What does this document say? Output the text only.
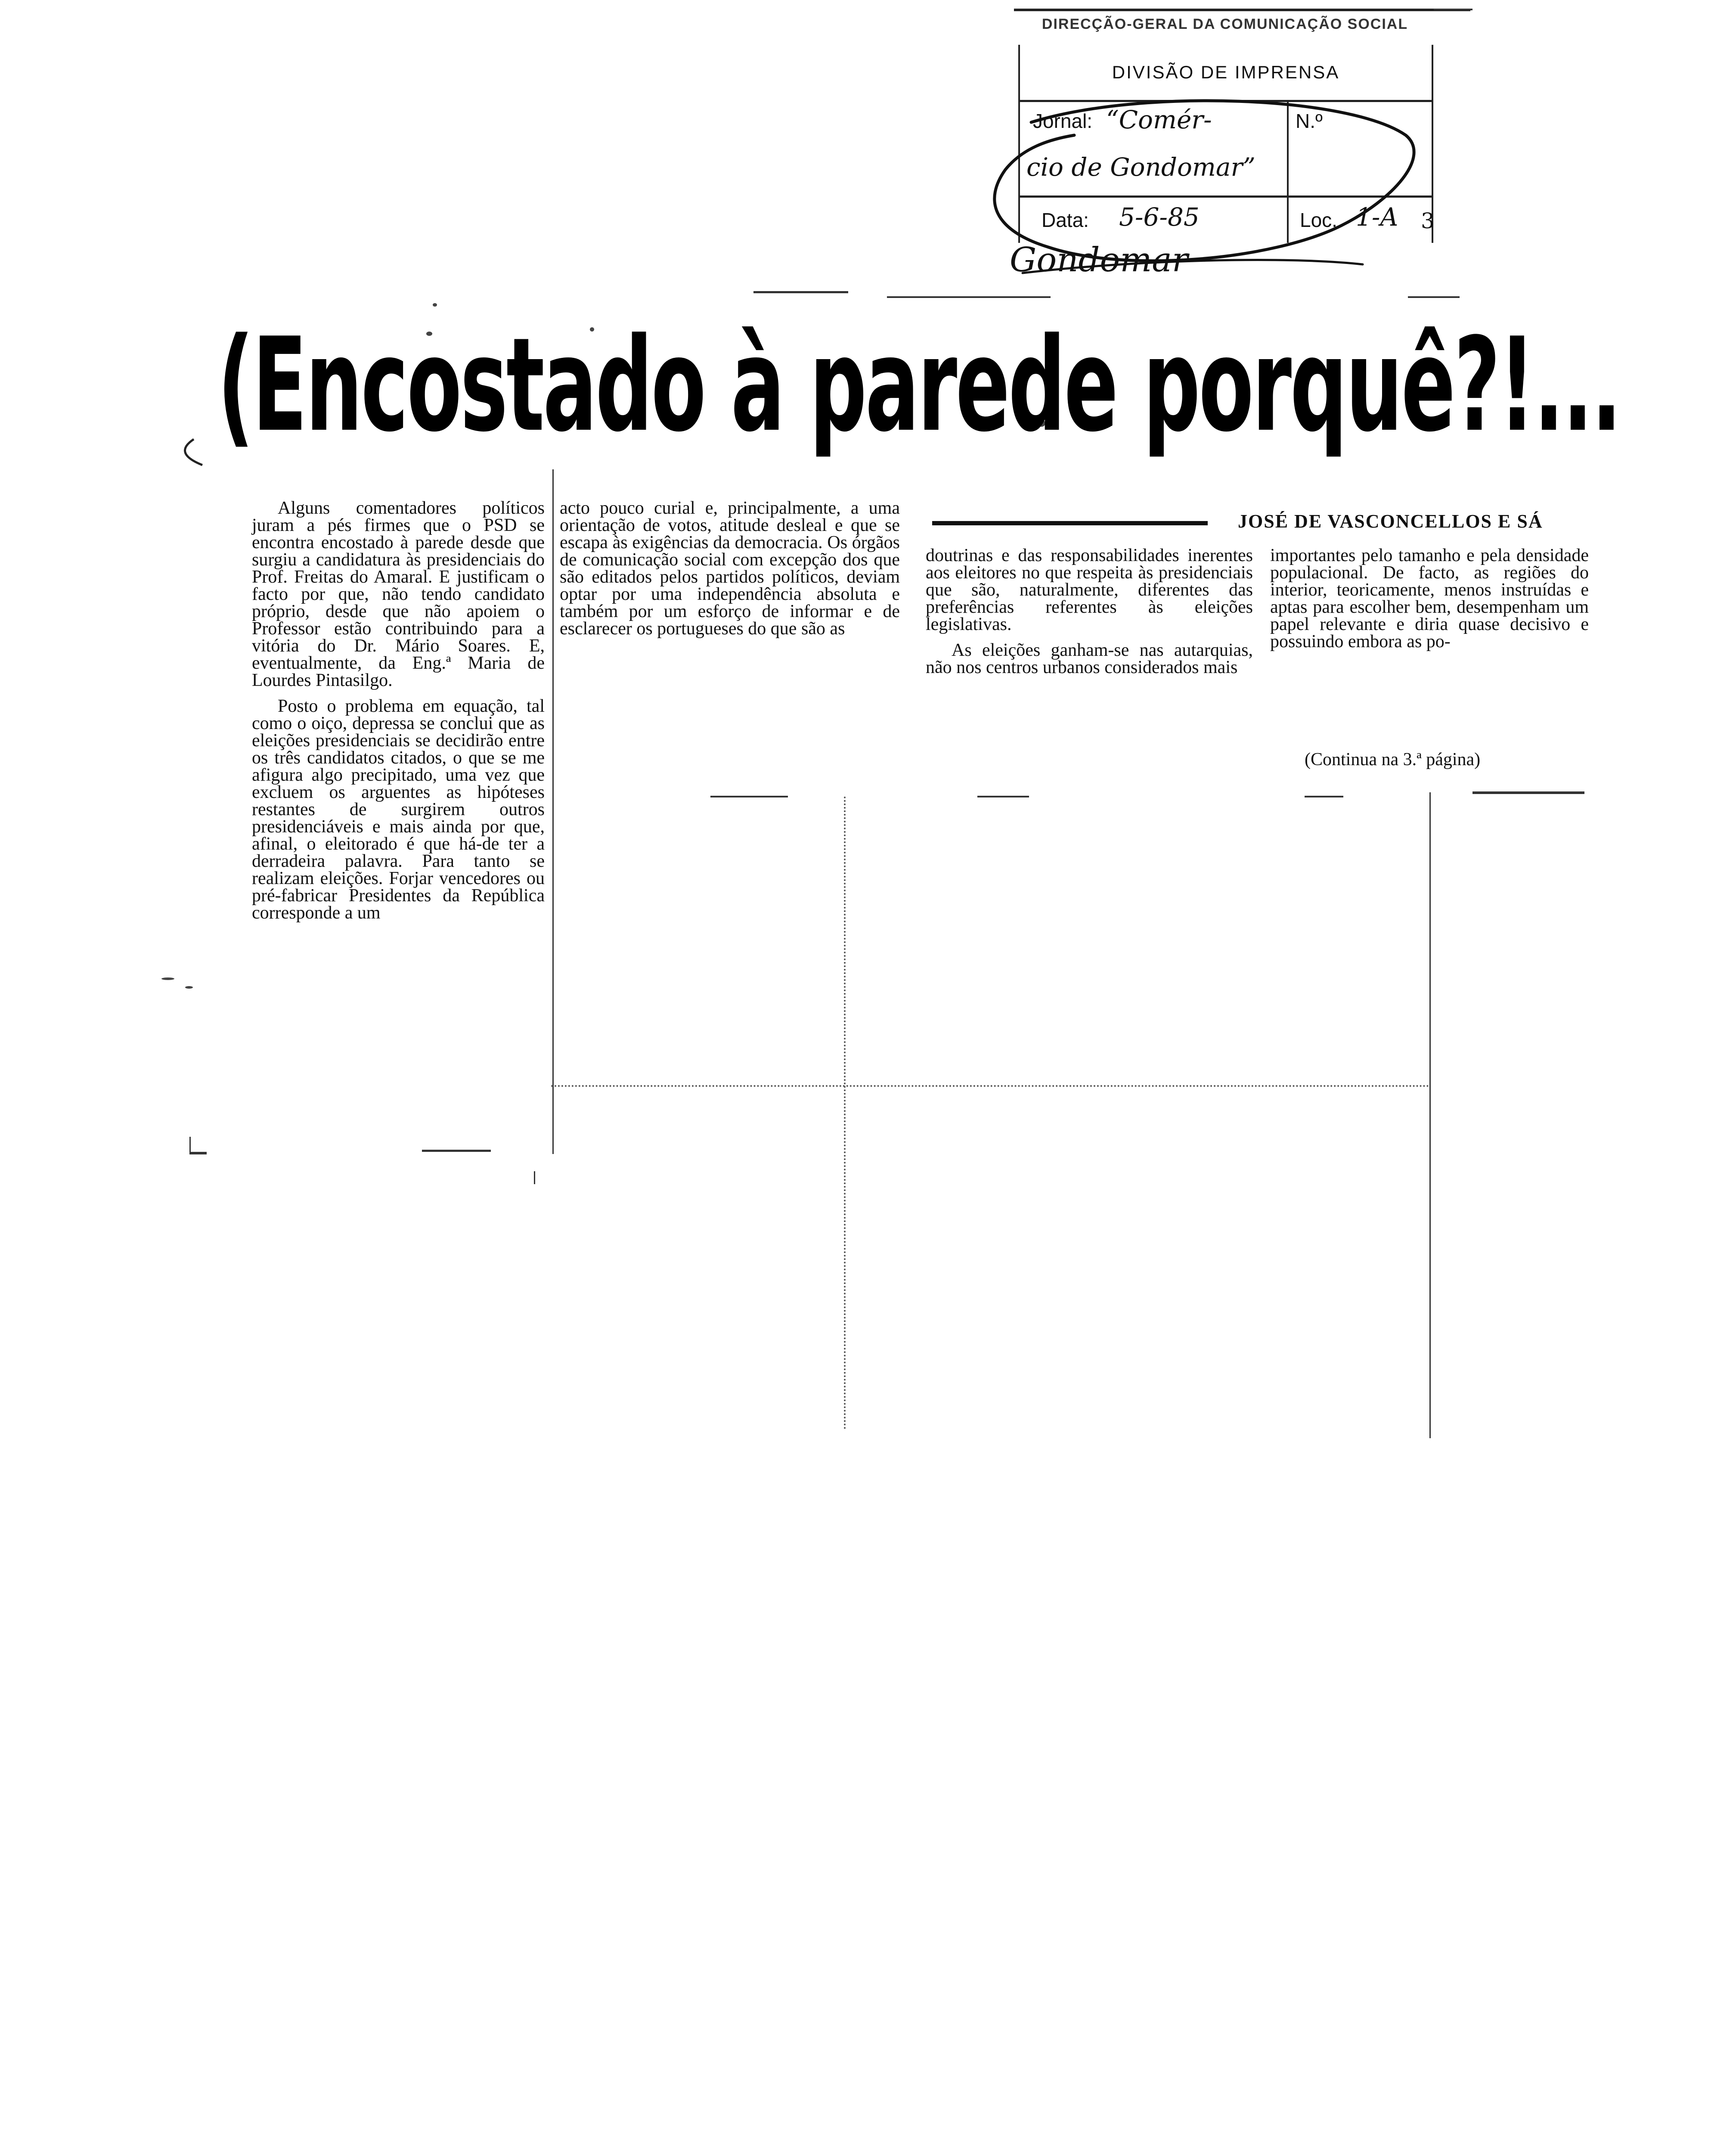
DIRECÇÃO-GERAL DA COMUNICAÇÃO SOCIAL
DIVISÃO DE IMPRENSA
Jornal: “Comér-
cio de Gondomar”
N.º
Data: 5-6-85	Loc. 1-A 3
Gondomar
(Encostado à parede porquê?!...
JOSÉ DE VASCONCELLOS E SÁ

Alguns comentadores políticos juram a pés firmes que o PSD se encontra encostado à parede desde que surgiu a candidatura às presidenciais do Prof. Freitas do Amaral. E justificam o facto por que, não tendo candidato próprio, desde que não apoiem o Professor estão contribuindo para a vitória do Dr. Mário Soares. E, eventualmente, da Eng.ª Maria de Lourdes Pintasilgo.

Posto o problema em equação, tal como o oiço, depressa se conclui que as eleições presidenciais se decidirão entre os três candidatos citados, o que se me afigura algo precipitado, uma vez que excluem os arguentes as hipóteses restantes de surgirem outros presidenciáveis e mais ainda por que, afinal, o eleitorado é que há-de ter a derradeira palavra. Para tanto se realizam eleições. Forjar vencedores ou pré-fabricar Presidentes da República corresponde a um

acto pouco curial e, principalmente, a uma orientação de votos, atitude desleal e que se escapa às exigências da democracia. Os órgãos de comunicação social com excepção dos que são editados pelos partidos políticos, deviam optar por uma independência absoluta e também por um esforço de informar e de esclarecer os portugueses do que são as

doutrinas e das responsabilidades inerentes aos eleitores no que respeita às presidenciais que são, naturalmente, diferentes das preferências referentes às eleições legislativas.

As eleições ganham-se nas autarquias, não nos centros urbanos considerados mais

importantes pelo tamanho e pela densidade populacional. De facto, as regiões do interior, teoricamente, menos instruídas e aptas para escolher bem, desempenham um papel relevante e diria quase decisivo e possuindo embora as po-

(Continua na 3.ª página)
